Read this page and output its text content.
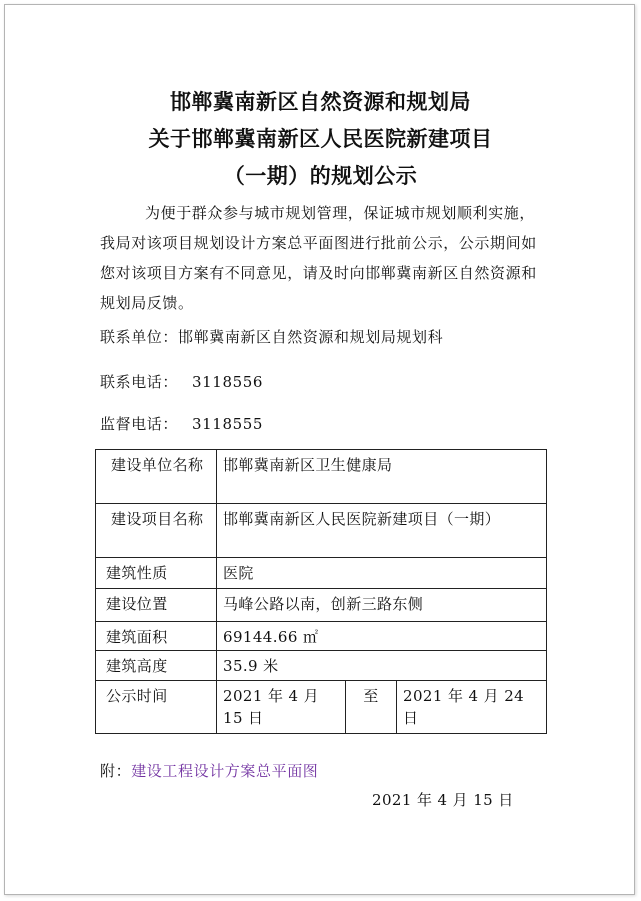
邯郸冀南新区自然资源和规划局
关于邯郸冀南新区人民医院新建项目
（一期）的规划公示
为便于群众参与城市规划管理，保证城市规划顺利实施，我局对该项目规划设计方案总平面图进行批前公示，公示期间如您对该项目方案有不同意见，请及时向邯郸冀南新区自然资源和规划局反馈。
联系单位：邯郸冀南新区自然资源和规划局规划科
联系电话： 3118556
监督电话： 3118555
建设单位名称	邯郸冀南新区卫生健康局		
建设项目名称	邯郸冀南新区人民医院新建项目（一期）		
建筑性质	医院		
建设位置	马峰公路以南，创新三路东侧		
建筑面积	69144.66 ㎡		
建筑高度	35.9 米		
公示时间	2021 年 4 月 15 日	至	2021 年 4 月 24 日
附：建设工程设计方案总平面图
2021 年 4 月 15 日
